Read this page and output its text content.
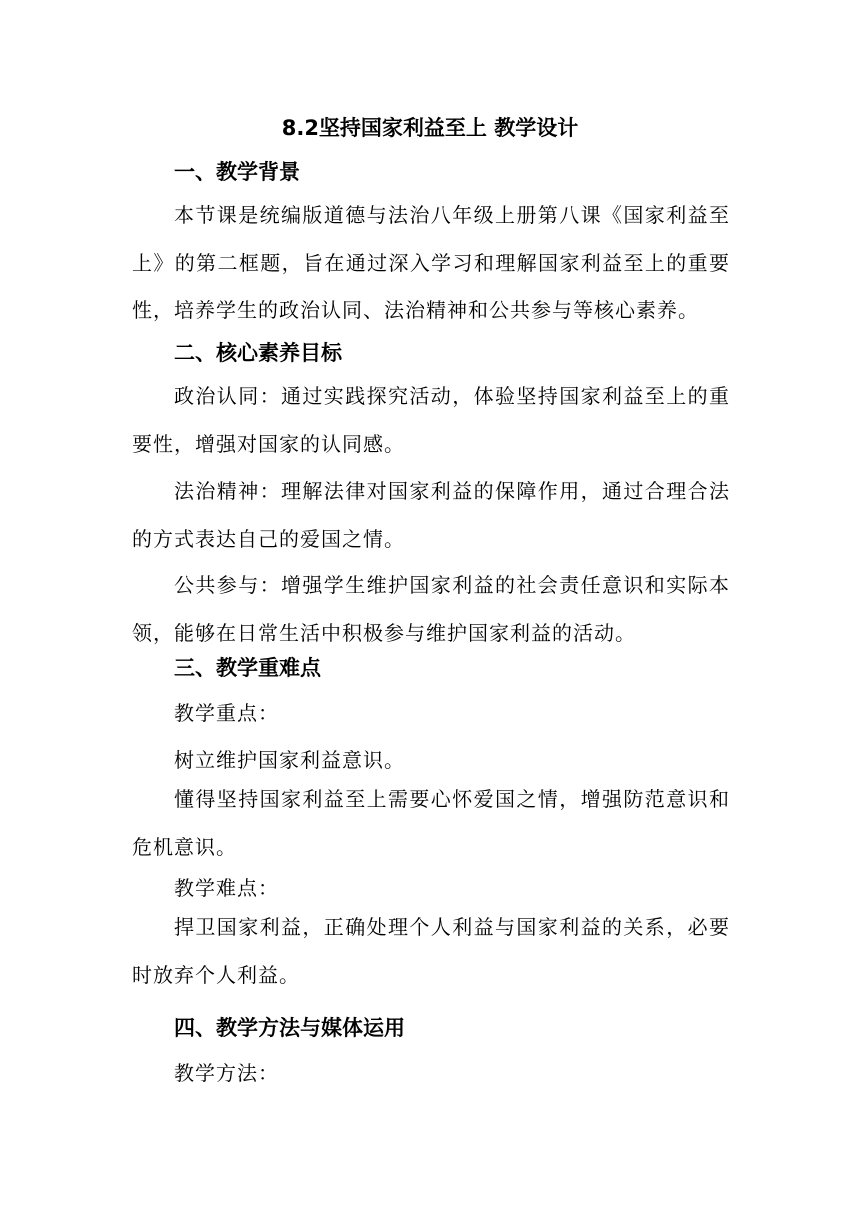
8.2坚持国家利益至上 教学设计
一、教学背景
本节课是统编版道德与法治八年级上册第八课《国家利益至上》的第二框题，旨在通过深入学习和理解国家利益至上的重要性，培养学生的政治认同、法治精神和公共参与等核心素养。
二、核心素养目标
政治认同：通过实践探究活动，体验坚持国家利益至上的重要性，增强对国家的认同感。
法治精神：理解法律对国家利益的保障作用，通过合理合法的方式表达自己的爱国之情。
公共参与：增强学生维护国家利益的社会责任意识和实际本领，能够在日常生活中积极参与维护国家利益的活动。
三、教学重难点
教学重点：
树立维护国家利益意识。
懂得坚持国家利益至上需要心怀爱国之情，增强防范意识和危机意识。
教学难点：
捍卫国家利益，正确处理个人利益与国家利益的关系，必要时放弃个人利益。
四、教学方法与媒体运用
教学方法：
